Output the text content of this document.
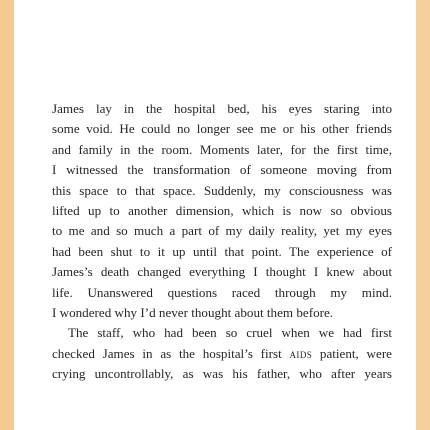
James lay in the hospital bed, his eyes staring into
some void. He could no longer see me or his other friends
and family in the room. Moments later, for the first time,
I witnessed the transformation of someone moving from
this space to that space. Suddenly, my consciousness was
lifted up to another dimension, which is now so obvious
to me and so much a part of my daily reality, yet my eyes
had been shut to it up until that point. The experience of
James’s death changed everything I thought I knew about
life. Unanswered questions raced through my mind.
I wondered why I’d never thought about them before.
The staff, who had been so cruel when we had first
checked James in as the hospital’s first aids patient, were
crying uncontrollably, as was his father, who after years
